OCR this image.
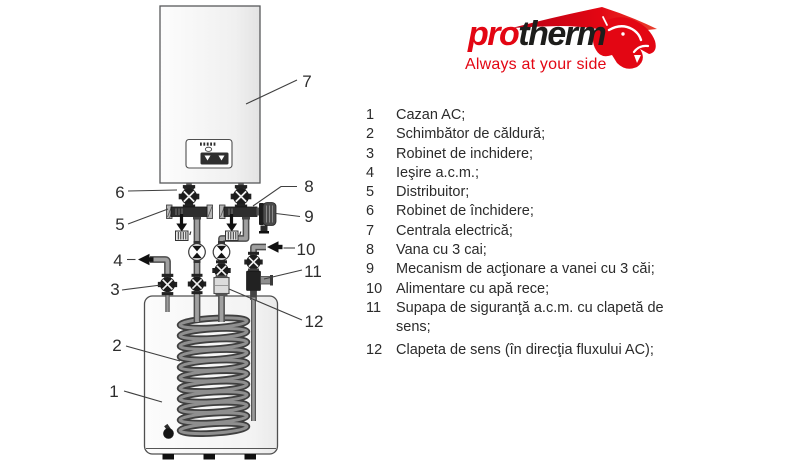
1
2
3
4
5
6
7
8
9
10
11
12
protherm
Always at your side
1	Cazan AC;
2	Schimbător de căldură;
3	Robinet de inchidere;
4	Ieşire a.c.m.;
5	Distribuitor;
6	Robinet de închidere;
7	Centrala electrică;
8	Vana cu 3 cai;
9	Mecanism de acţionare a vanei cu 3 căi;
10 Alimentare cu apă rece;
11	Supapa de siguranţă a.c.m. cu clapetă de
sens;
12 Clapeta de sens (în direcţia fluxului AC);
